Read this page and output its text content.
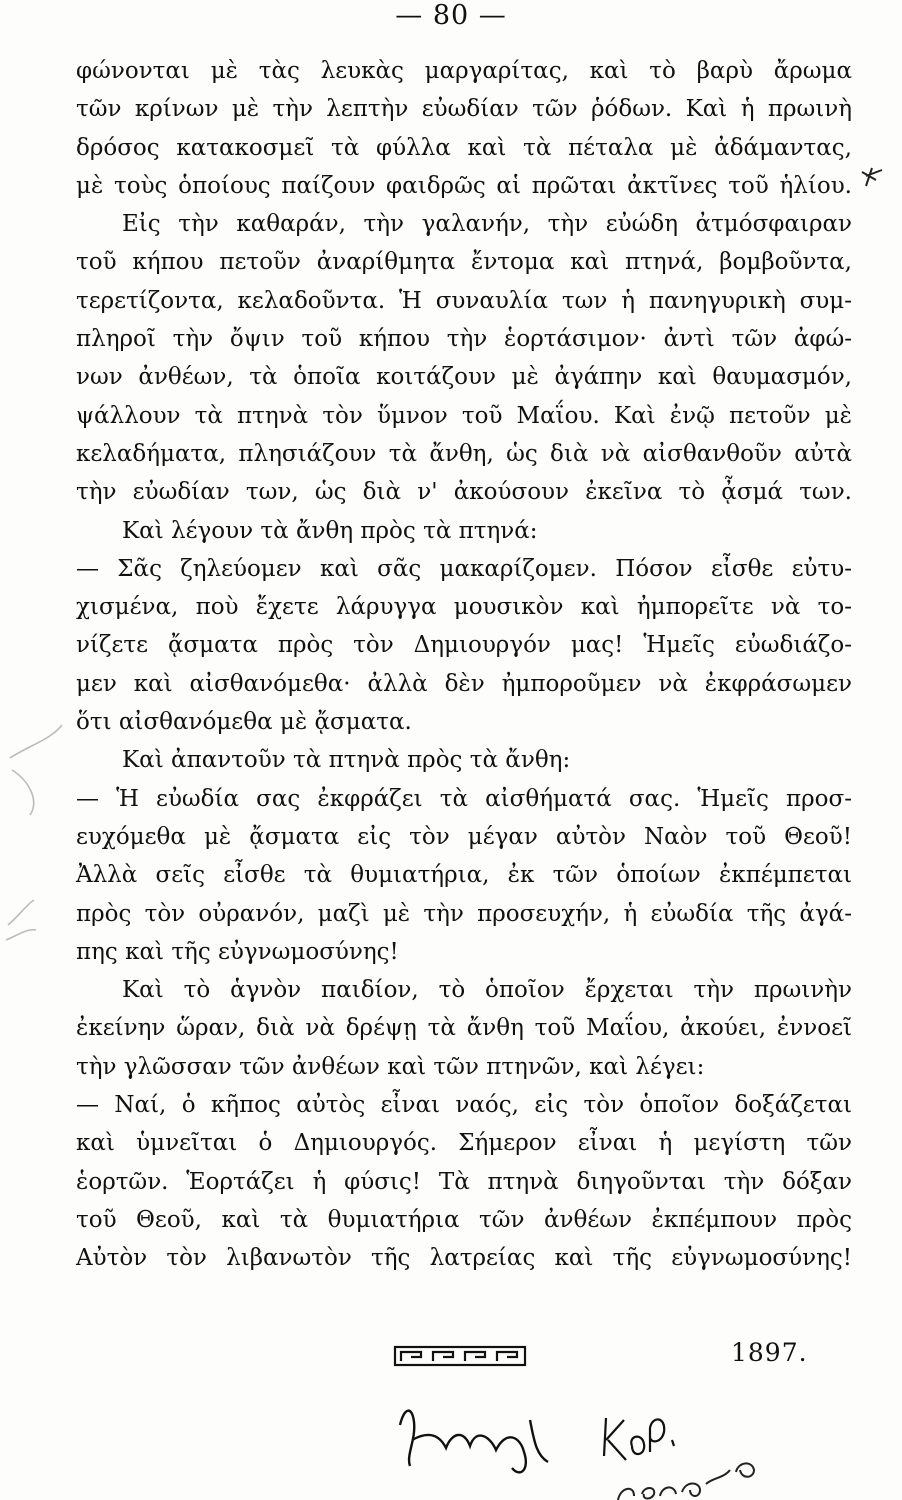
— 80 —
φώνονται μὲ τὰς λευκὰς μαργαρίτας, καὶ τὸ βαρὺ ἄρωμα
τῶν κρίνων μὲ τὴν λεπτὴν εὐωδίαν τῶν ῥόδων. Καὶ ἡ πρωινὴ
δρόσος κατακοσμεῖ τὰ φύλλα καὶ τὰ πέταλα μὲ ἀδάμαντας,
μὲ τοὺς ὁποίους παίζουν φαιδρῶς αἱ πρῶται ἀκτῖνες τοῦ ἡλίου.
Εἰς τὴν καθαράν, τὴν γαλανήν, τὴν εὐώδη ἀτμόσφαιραν
τοῦ κήπου πετοῦν ἀναρίθμητα ἔντομα καὶ πτηνά, βομβοῦντα,
τερετίζοντα, κελαδοῦντα. Ἡ συναυλία των ἡ πανηγυρικὴ συμ-
πληροῖ τὴν ὄψιν τοῦ κήπου τὴν ἑορτάσιμον· ἀντὶ τῶν ἀφώ-
νων ἀνθέων, τὰ ὁποῖα κοιτάζουν μὲ ἀγάπην καὶ θαυμασμόν,
ψάλλουν τὰ πτηνὰ τὸν ὕμνον τοῦ Μαΐου. Καὶ ἐνῷ πετοῦν μὲ
κελαδήματα, πλησιάζουν τὰ ἄνθη, ὡς διὰ νὰ αἰσθανθοῦν αὐτὰ
τὴν εὐωδίαν των, ὡς διὰ ν' ἀκούσουν ἐκεῖνα τὸ ᾆσμά των.
Καὶ λέγουν τὰ ἄνθη πρὸς τὰ πτηνά:
— Σᾶς ζηλεύομεν καὶ σᾶς μακαρίζομεν. Πόσον εἶσθε εὐτυ-
χισμένα, ποὺ ἔχετε λάρυγγα μουσικὸν καὶ ἠμπορεῖτε νὰ το-
νίζετε ᾄσματα πρὸς τὸν Δημιουργόν μας! Ἡμεῖς εὐωδιάζο-
μεν καὶ αἰσθανόμεθα· ἀλλὰ δὲν ἠμποροῦμεν νὰ ἐκφράσωμεν
ὅτι αἰσθανόμεθα μὲ ᾄσματα.
Καὶ ἀπαντοῦν τὰ πτηνὰ πρὸς τὰ ἄνθη:
— Ἡ εὐωδία σας ἐκφράζει τὰ αἰσθήματά σας. Ἡμεῖς προσ-
ευχόμεθα μὲ ᾄσματα εἰς τὸν μέγαν αὐτὸν Ναὸν τοῦ Θεοῦ!
Ἀλλὰ σεῖς εἶσθε τὰ θυμιατήρια, ἐκ τῶν ὁποίων ἐκπέμπεται
πρὸς τὸν οὐρανόν, μαζὶ μὲ τὴν προσευχήν, ἡ εὐωδία τῆς ἀγά-
πης καὶ τῆς εὐγνωμοσύνης!
Καὶ τὸ ἁγνὸν παιδίον, τὸ ὁποῖον ἔρχεται τὴν πρωινὴν
ἐκείνην ὥραν, διὰ νὰ δρέψῃ τὰ ἄνθη τοῦ Μαΐου, ἀκούει, ἐννοεῖ
τὴν γλῶσσαν τῶν ἀνθέων καὶ τῶν πτηνῶν, καὶ λέγει:
— Ναί, ὁ κῆπος αὐτὸς εἶναι ναός, εἰς τὸν ὁποῖον δοξάζεται
καὶ ὑμνεῖται ὁ Δημιουργός. Σήμερον εἶναι ἡ μεγίστη τῶν
ἑορτῶν. Ἑορτάζει ἡ φύσις! Τὰ πτηνὰ διηγοῦνται τὴν δόξαν
τοῦ Θεοῦ, καὶ τὰ θυμιατήρια τῶν ἀνθέων ἐκπέμπουν πρὸς
Αὐτὸν τὸν λιβανωτὸν τῆς λατρείας καὶ τῆς εὐγνωμοσύνης!
1897.
